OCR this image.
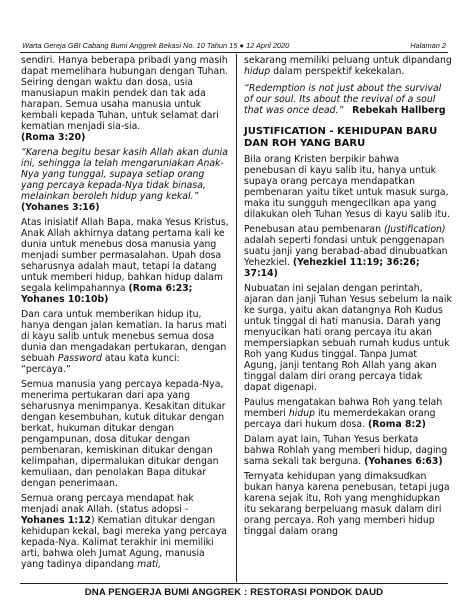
Warta Gereja GBI Cabang Bumi Anggrek Bekasi No. 10 Tahun 15 ● 12 April 2020	Halaman 2

sendiri. Hanya beberapa pribadi yang masih dapat memelihara hubungan dengan Tuhan. Seiring dengan waktu dan dosa, usia manusiapun makin pendek dan tak ada harapan. Semua usaha manusia untuk kembali kepada Tuhan, untuk selamat dari kematian menjadi sia-sia.
(Roma 3:20)

“Karena begitu besar kasih Allah akan dunia ini, sehingga la telah mengaruniakan Anak-Nya yang tunggal, supaya setiap orang yang percaya kepada-Nya tidak binasa, melainkan beroleh hidup yang kekal.” (Yohanes 3:16)

Atas inisiatif Allah Bapa, maka Yesus Kristus, Anak Allah akhirnya datang pertama kali ke dunia untuk menebus dosa manusia yang menjadi sumber permasalahan. Upah dosa seharusnya adalah maut, tetapi la datang untuk memberi hidup, bahkan hidup dalam segala kelimpahannya (Roma 6:23; Yohanes 10:10b)

Dan cara untuk memberikan hidup itu, hanya dengan jalan kematian. Ia harus mati di kayu salib untuk menebus semua dosa dunia dan mengadakan pertukaran, dengan sebuah Password atau kata kunci: “percaya.”

Semua manusia yang percaya kepada-Nya, menerima pertukaran dari apa yang seharusnya menimpanya. Kesakitan ditukar dengan kesembuhan, kutuk ditukar dengan berkat, hukuman ditukar dengan pengampunan, dosa ditukar dengan pembenaran, kemiskinan ditukar dengan kelimpahan, dipermalukan ditukar dengan kemuliaan, dan penolakan Bapa ditukar dengan penerimaan.

Semua orang percaya mendapat hak menjadi anak Allah. (status adopsi - Yohanes 1:12) Kematian ditukar dengan kehidupan kekal, bagi mereka yang percaya kepada-Nya. Kalimat terakhir ini memiliki arti, bahwa oleh Jumat Agung, manusia yang tadinya dipandang mati,

sekarang memiliki peluang untuk dipandang hidup dalam perspektif kekekalan.

“Redemption is not just about the survival of our soul. Its about the revival of a soul that was once dead.” Rebekah Hallberg

JUSTIFICATION - KEHIDUPAN BARU DAN ROH YANG BARU

Bila orang Kristen berpikir bahwa penebusan di kayu salib itu, hanya untuk supaya orang percaya mendapatkan pembenaran yaitu tiket untuk masuk surga, maka itu sungguh mengecilkan apa yang dilakukan oleh Tuhan Yesus di kayu salib itu.

Penebusan atau pembenaran (Justification) adalah seperti fondasi untuk penggenapan suatu janji yang berabad-abad dinubuatkan Yehezkiel. (Yehezkiel 11:19; 36:26; 37:14)

Nubuatan ini sejalan dengan perintah, ajaran dan janji Tuhan Yesus sebelum la naik ke surga, yaitu akan datangnya Roh Kudus untuk tinggal di hati manusia. Darah yang menyucikan hati orang percaya itu akan mempersiapkan sebuah rumah kudus untuk Roh yang Kudus tinggal. Tanpa Jumat Agung, janji tentang Roh Allah yang akan tinggal dalam diri orang percaya tidak dapat digenapi.

Paulus mengatakan bahwa Roh yang telah memberi hidup itu memerdekakan orang percaya dari hukum dosa. (Roma 8:2)

Dalam ayat lain, Tuhan Yesus berkata bahwa Rohlah yang memberi hidup, daging sama sekali tak berguna. (Yohanes 6:63)

Ternyata kehidupan yang dimaksudkan bukan hanya karena penebusan, tetapi juga karena sejak itu, Roh yang menghidupkan itu sekarang berpeluang masuk dalam diri orang percaya. Roh yang memberi hidup tinggal dalam orang

DNA PENGERJA BUMI ANGGREK : RESTORASI PONDOK DAUD
